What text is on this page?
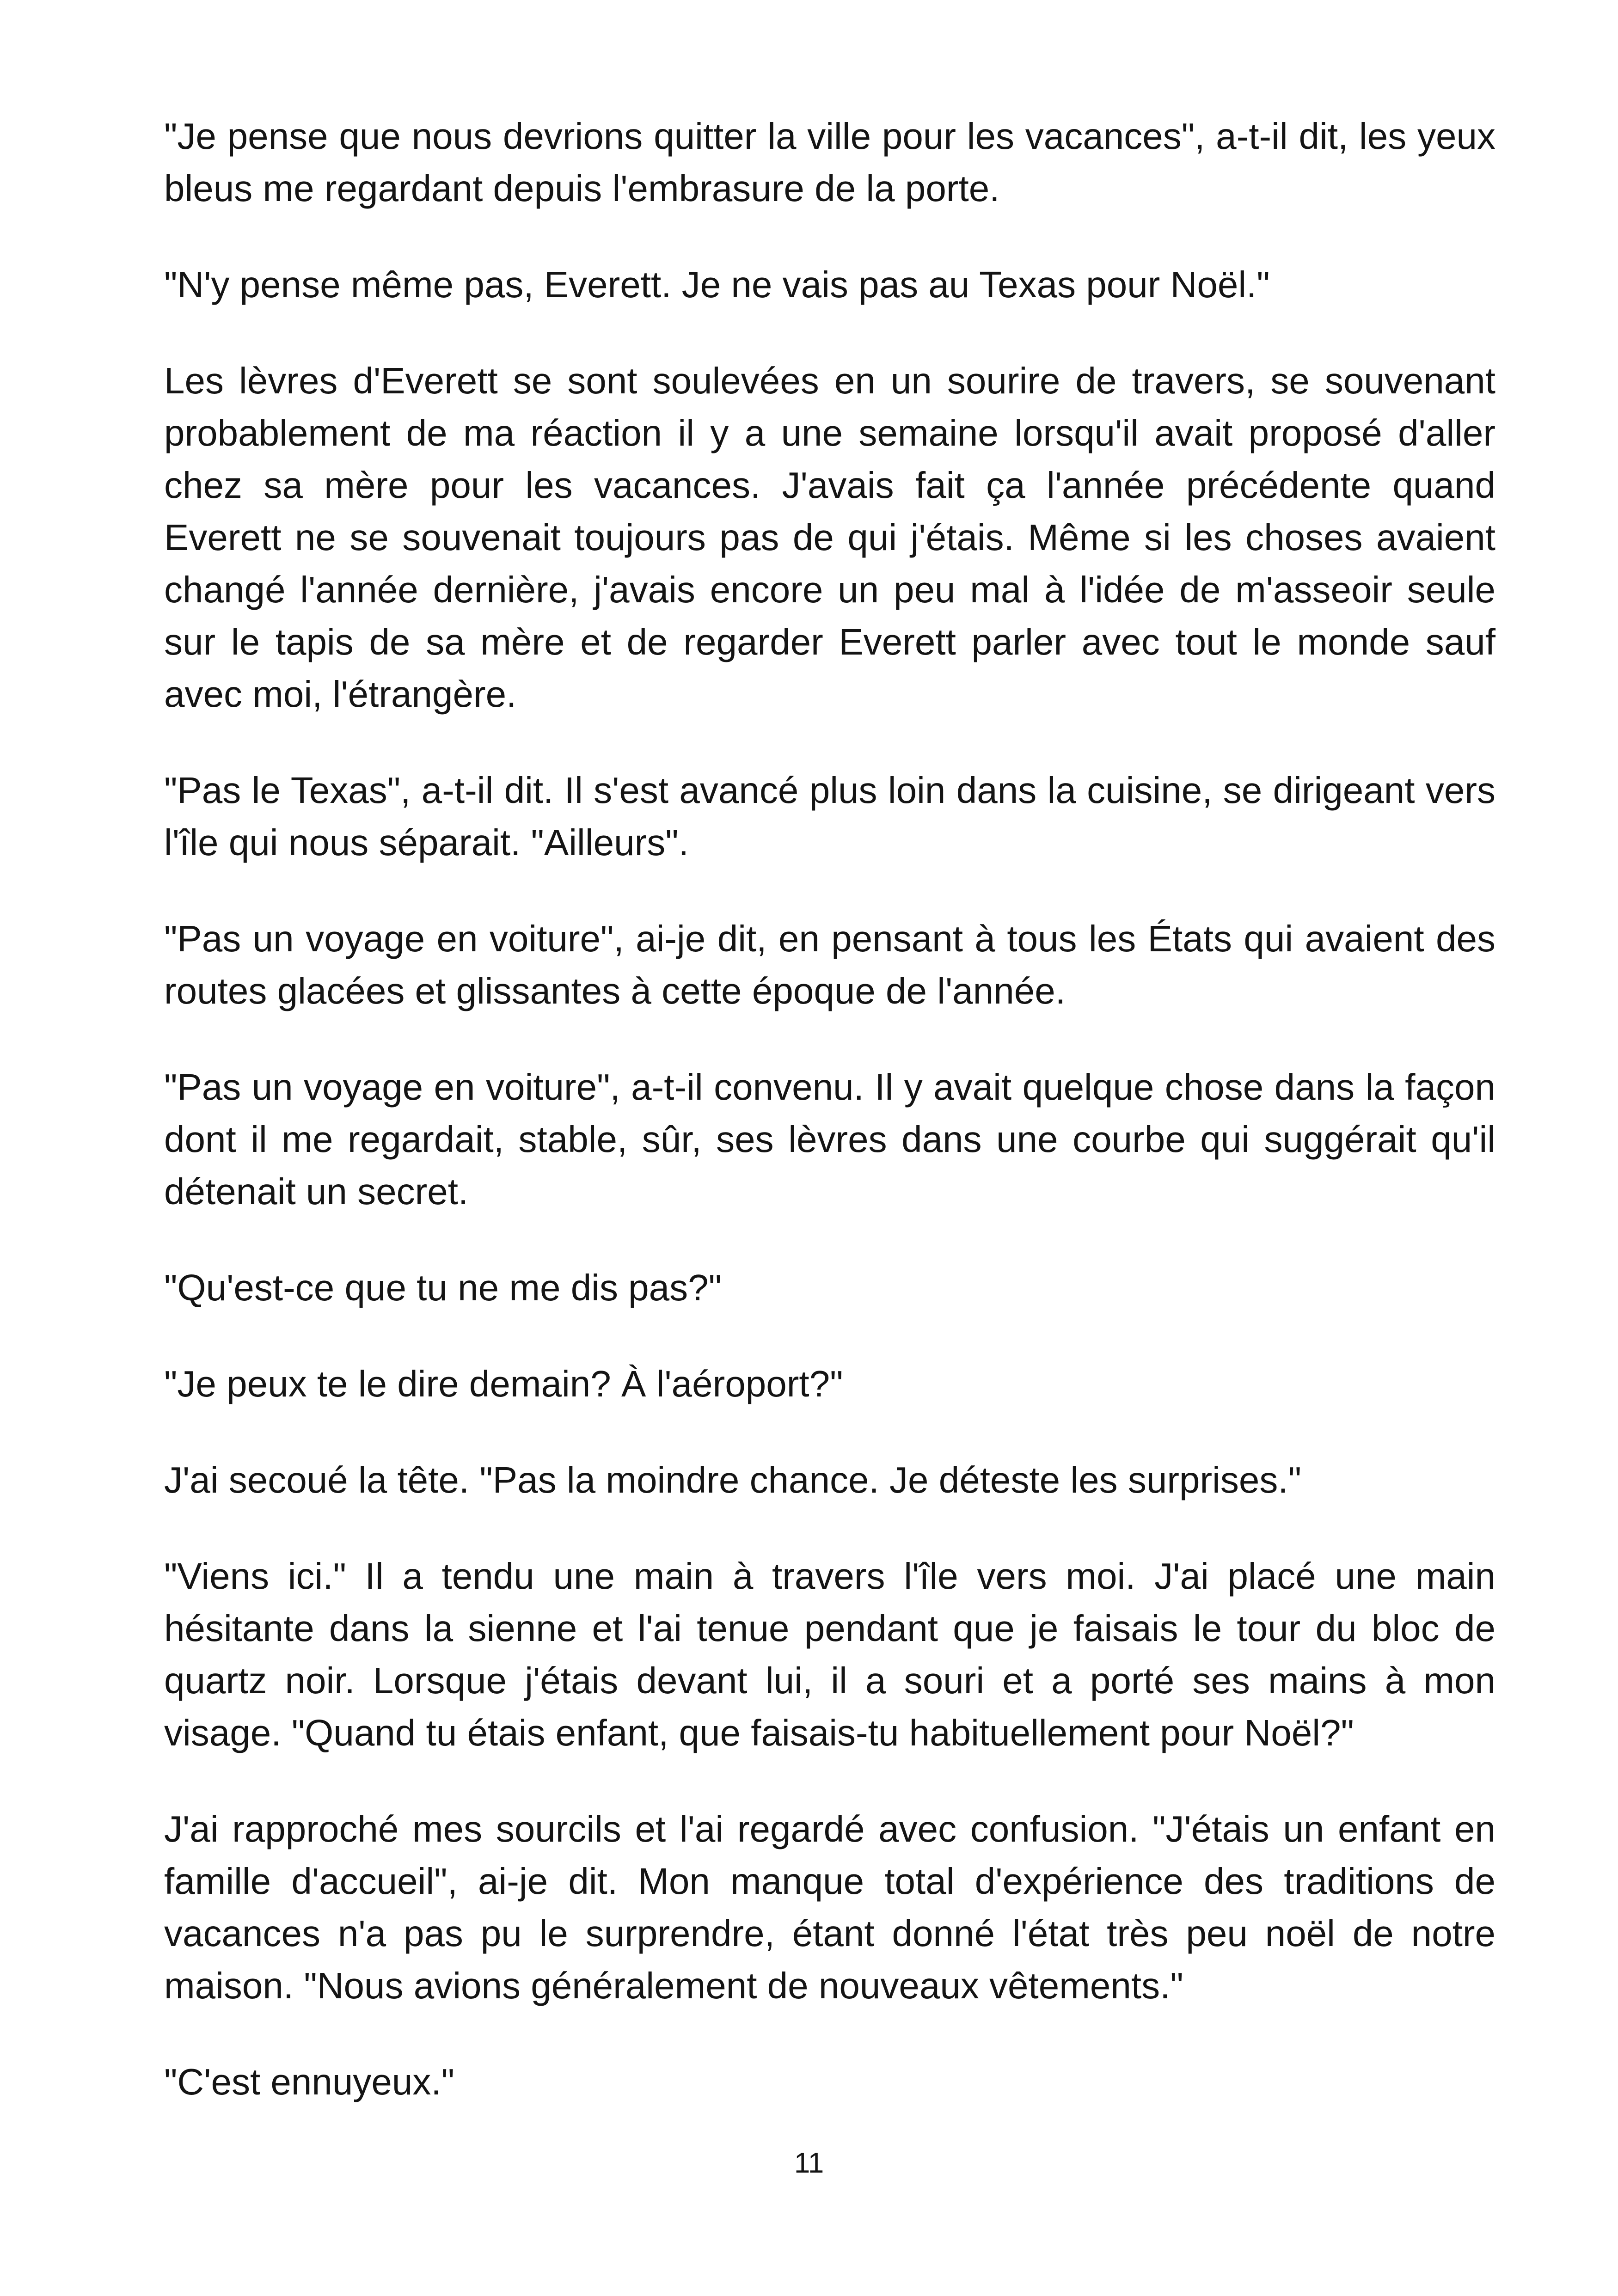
"Je pense que nous devrions quitter la ville pour les vacances", a-t-il dit, les yeux bleus me regardant depuis l'embrasure de la porte.

"N'y pense même pas, Everett. Je ne vais pas au Texas pour Noël."

Les lèvres d'Everett se sont soulevées en un sourire de travers, se souvenant probablement de ma réaction il y a une semaine lorsqu'il avait proposé d'aller chez sa mère pour les vacances. J'avais fait ça l'année précédente quand Everett ne se souvenait toujours pas de qui j'étais. Même si les choses avaient changé l'année dernière, j'avais encore un peu mal à l'idée de m'asseoir seule sur le tapis de sa mère et de regarder Everett parler avec tout le monde sauf avec moi, l'étrangère.

"Pas le Texas", a-t-il dit. Il s'est avancé plus loin dans la cuisine, se dirigeant vers l'île qui nous séparait. "Ailleurs".

"Pas un voyage en voiture", ai-je dit, en pensant à tous les États qui avaient des routes glacées et glissantes à cette époque de l'année.

"Pas un voyage en voiture", a-t-il convenu. Il y avait quelque chose dans la façon dont il me regardait, stable, sûr, ses lèvres dans une courbe qui suggérait qu'il détenait un secret.

"Qu'est-ce que tu ne me dis pas?"

"Je peux te le dire demain? À l'aéroport?"

J'ai secoué la tête. "Pas la moindre chance. Je déteste les surprises."

"Viens ici." Il a tendu une main à travers l'île vers moi. J'ai placé une main hésitante dans la sienne et l'ai tenue pendant que je faisais le tour du bloc de quartz noir. Lorsque j'étais devant lui, il a souri et a porté ses mains à mon visage. "Quand tu étais enfant, que faisais-tu habituellement pour Noël?"

J'ai rapproché mes sourcils et l'ai regardé avec confusion. "J'étais un enfant en famille d'accueil", ai-je dit. Mon manque total d'expérience des traditions de vacances n'a pas pu le surprendre, étant donné l'état très peu noël de notre maison. "Nous avions généralement de nouveaux vêtements."

"C'est ennuyeux."

11
